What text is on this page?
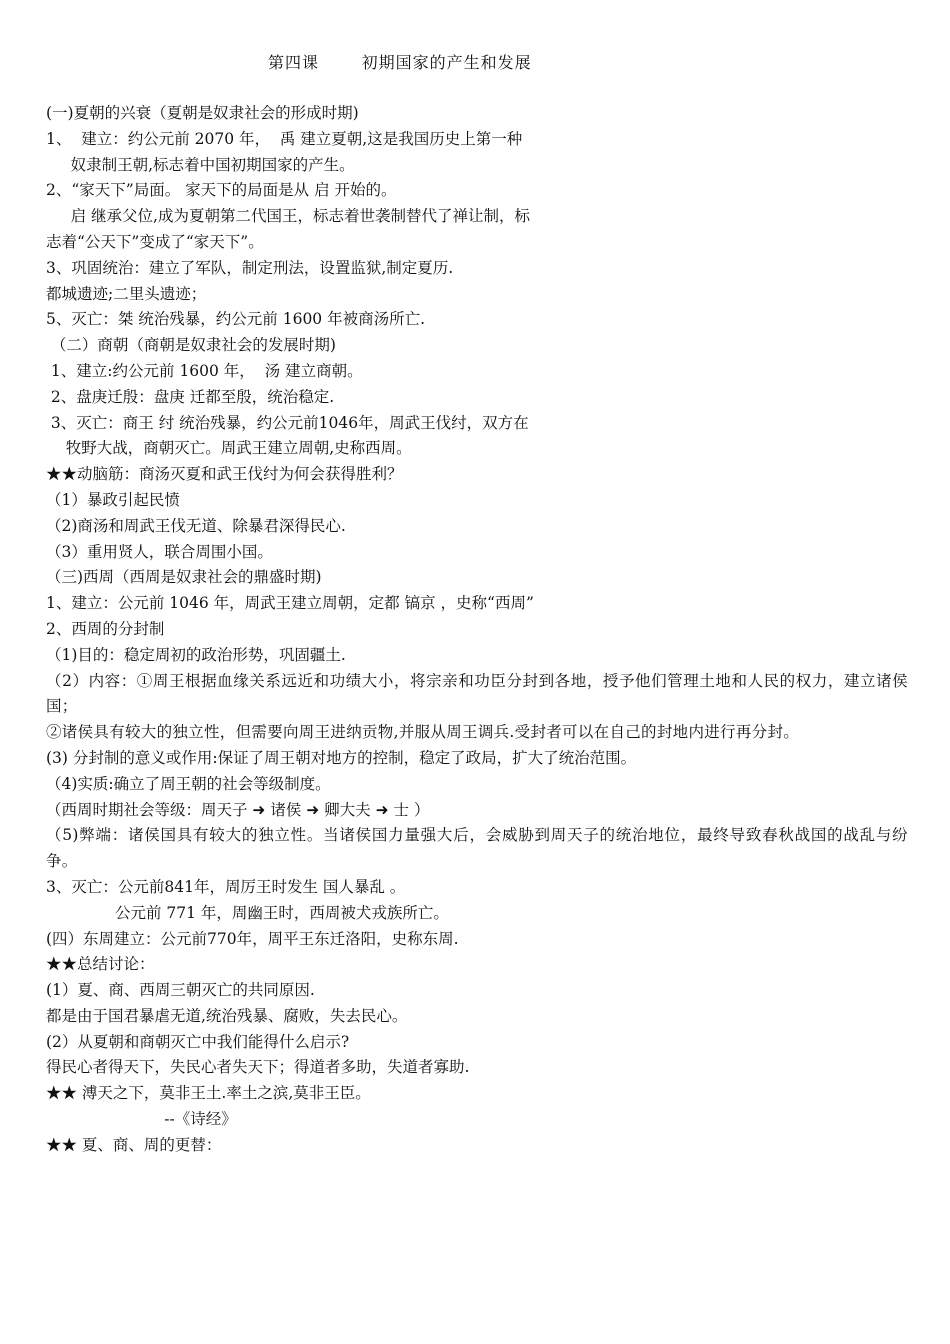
第四课       初期国家的产生和发展
(一)夏朝的兴衰（夏朝是奴隶社会的形成时期)
1、  建立：约公元前 2070 年，  禹 建立夏朝,这是我国历史上第一种
奴隶制王朝,标志着中国初期国家的产生。
2、“家天下”局面。 家天下的局面是从 启 开始的。
启 继承父位,成为夏朝第二代国王，标志着世袭制替代了禅让制，标
志着“公天下”变成了“家天下”。
3、巩固统治：建立了军队，制定刑法，设置监狱,制定夏历.
都城遗迹;二里头遗迹；
5、灭亡：桀 统治残暴，约公元前 1600 年被商汤所亡.
（二）商朝（商朝是奴隶社会的发展时期)
1、建立:约公元前 1600 年，  汤 建立商朝。
2、盘庚迁殷：盘庚 迁都至殷，统治稳定.
3、灭亡：商王 纣 统治残暴，约公元前1046年，周武王伐纣，双方在
牧野大战，商朝灭亡。周武王建立周朝,史称西周。
★★动脑筋：商汤灭夏和武王伐纣为何会获得胜利？
（1）暴政引起民愤
（2)商汤和周武王伐无道、除暴君深得民心.
（3）重用贤人，联合周围小国。
（三)西周（西周是奴隶社会的鼎盛时期)
1、建立：公元前 1046 年，周武王建立周朝，定都 镐京 ，史称“西周”
2、西周的分封制
（1)目的：稳定周初的政治形势，巩固疆土.
（2）内容：①周王根据血缘关系远近和功绩大小，将宗亲和功臣分封到各地，授予他们管理土地和人民的权力，建立诸侯国；
②诸侯具有较大的独立性，但需要向周王进纳贡物,并服从周王调兵.受封者可以在自己的封地内进行再分封。
(3) 分封制的意义或作用:保证了周王朝对地方的控制，稳定了政局，扩大了统治范围。
（4)实质:确立了周王朝的社会等级制度。
（西周时期社会等级：周天子 ➜ 诸侯 ➜ 卿大夫 ➜ 士 ）
（5)弊端：诸侯国具有较大的独立性。当诸侯国力量强大后，会威胁到周天子的统治地位，最终导致春秋战国的战乱与纷争。
3、灭亡：公元前841年，周厉王时发生 国人暴乱 。
公元前 771 年，周幽王时，西周被犬戎族所亡。
(四）东周建立：公元前770年，周平王东迁洛阳，史称东周.
★★总结讨论：
(1）夏、商、西周三朝灭亡的共同原因.
都是由于国君暴虐无道,统治残暴、腐败，失去民心。
(2）从夏朝和商朝灭亡中我们能得什么启示?
得民心者得天下，失民心者失天下；得道者多助，失道者寡助.
★★ 溥天之下，莫非王土.率土之滨,莫非王臣。
--《诗经》
★★ 夏、商、周的更替：
